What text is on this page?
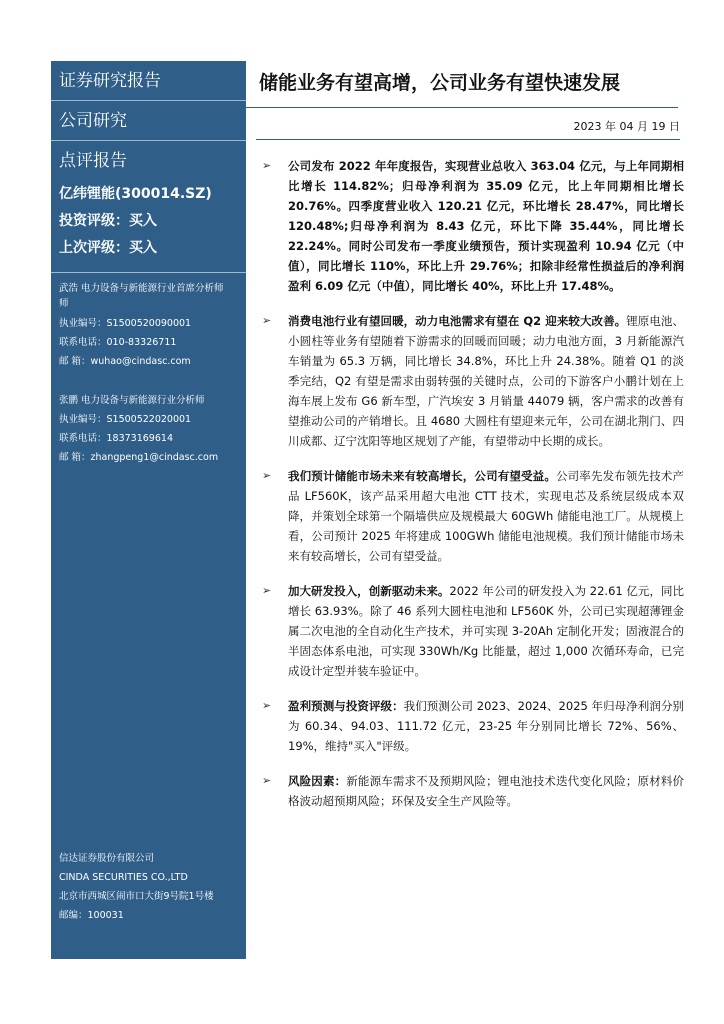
证券研究报告
公司研究
点评报告
亿纬锂能(300014.SZ)
投资评级：买入
上次评级：买入
武浩 电力设备与新能源行业首席分析师
师
执业编号：S1500520090001
联系电话：010-83326711
邮 箱：wuhao@cindasc.com
张鹏 电力设备与新能源行业分析师
执业编号：S1500522020001
联系电话：18373169614
邮 箱：zhangpeng1@cindasc.com
信达证券股份有限公司
CINDA SECURITIES CO.,LTD
北京市西城区闹市口大街9号院1号楼
邮编：100031
储能业务有望高增，公司业务有望快速发展
2023 年 04 月 19 日
➢ 公司发布 2022 年年度报告，实现营业总收入 363.04 亿元，与上年同期相比增长 114.82%；归母净利润为 35.09 亿元，比上年同期相比增长 20.76%。四季度营业收入 120.21 亿元，环比增长 28.47%，同比增长 120.48%;归母净利润为 8.43 亿元，环比下降 35.44%，同比增长 22.24%。同时公司发布一季度业绩预告，预计实现盈利 10.94 亿元（中值），同比增长 110%，环比上升 29.76%；扣除非经常性损益后的净利润盈利 6.09 亿元（中值），同比增长 40%，环比上升 17.48%。
➢ 消费电池行业有望回暖，动力电池需求有望在 Q2 迎来较大改善。锂原电池、小圆柱等业务有望随着下游需求的回暖而回暖；动力电池方面，3 月新能源汽车销量为 65.3 万辆，同比增长 34.8%，环比上升 24.38%。随着 Q1 的淡季完结，Q2 有望是需求由弱转强的关键时点，公司的下游客户小鹏计划在上海车展上发布 G6 新车型，广汽埃安 3 月销量 44079 辆，客户需求的改善有望推动公司的产销增长。且 4680 大圆柱有望迎来元年，公司在湖北荆门、四川成都、辽宁沈阳等地区规划了产能，有望带动中长期的成长。
➢ 我们预计储能市场未来有较高增长，公司有望受益。公司率先发布领先技术产品 LF560K，该产品采用超大电池 CTT 技术，实现电芯及系统层级成本双降，并策划全球第一个隔墙供应及规模最大 60GWh 储能电池工厂。从规模上看，公司预计 2025 年将建成 100GWh 储能电池规模。我们预计储能市场未来有较高增长，公司有望受益。
➢ 加大研发投入，创新驱动未来。2022 年公司的研发投入为 22.61 亿元，同比增长 63.93%。除了 46 系列大圆柱电池和 LF560K 外，公司已实现超薄锂金属二次电池的全自动化生产技术，并可实现 3-20Ah 定制化开发；固液混合的半固态体系电池，可实现 330Wh/Kg 比能量，超过 1,000 次循环寿命，已完成设计定型并装车验证中。
➢ 盈利预测与投资评级：我们预测公司 2023、2024、2025 年归母净利润分别为 60.34、94.03、111.72 亿元，23-25 年分别同比增长 72%、56%、19%，维持"买入"评级。
➢ 风险因素：新能源车需求不及预期风险；锂电池技术迭代变化风险；原材料价格波动超预期风险；环保及安全生产风险等。
